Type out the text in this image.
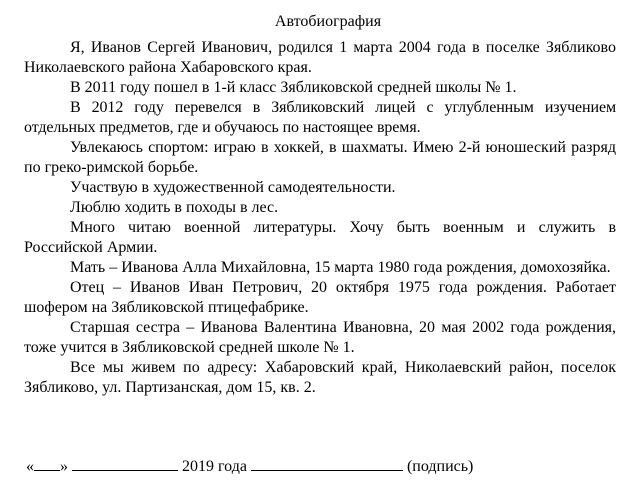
Автобиография

Я, Иванов Сергей Иванович, родился 1 марта 2004 года в поселке Зябликово Николаевского района Хабаровского края.

В 2011 году пошел в 1-й класс Зябликовской средней школы № 1.

В 2012 году перевелся в Зябликовский лицей с углубленным изучением отдельных предметов, где и обучаюсь по настоящее время.

Увлекаюсь спортом: играю в хоккей, в шахматы. Имею 2-й юношеский разряд по греко-римской борьбе.

Участвую в художественной самодеятельности.

Люблю ходить в походы в лес.

Много читаю военной литературы. Хочу быть военным и служить в Российской Армии.

Мать – Иванова Алла Михайловна, 15 марта 1980 года рождения, домохозяйка.

Отец – Иванов Иван Петрович, 20 октября 1975 года рождения. Работает шофером на Зябликовской птицефабрике.

Старшая сестра – Иванова Валентина Ивановна, 20 мая 2002 года рождения, тоже учится в Зябликовской средней школе № 1.

Все мы живем по адресу: Хабаровский край, Николаевский район, поселок Зябликово, ул. Партизанская, дом 15, кв. 2.

« »	2019 года	(подпись)
